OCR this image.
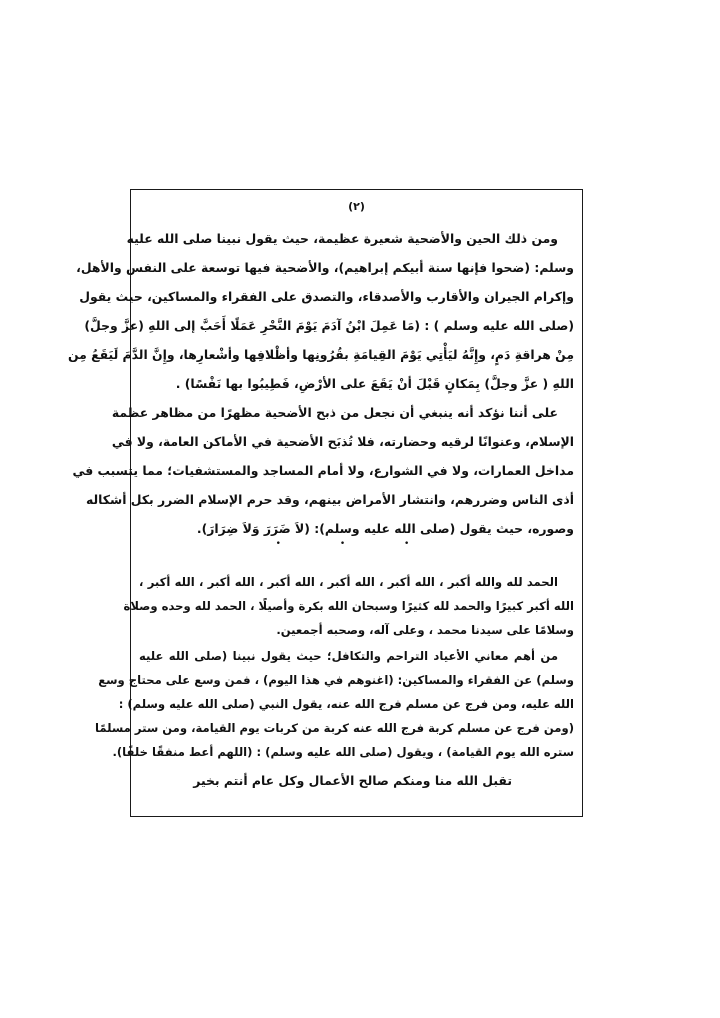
(٢)
ومن ذلك الحين والأضحية شعيرة عظيمة، حيث يقول نبينا صلى الله عليه
وسلم: (ضحوا فإنها سنة أبيكم إبراهيم)، والأضحية فيها توسعة على النفس والأهل،
وإكرام الجيران والأقارب والأصدقاء، والتصدق على الفقراء والمساكين، حيث يقول
(صلى الله عليه وسلم ) : (مَا عَمِلَ ابْنُ آدَمَ يَوْمَ النَّحْرِ عَمَلًا أَحَبَّ إلى اللهِ (عزَّ وجلَّ)
مِنْ هراقةِ دَمٍ، وإِنَّهُ ليَأْتِي يَوْمَ القِيامَةِ بقُرُونِها وأظْلافِها وأشْعارِها، وإِنَّ الدَّمَ لَيَقَعُ مِن
اللهِ ( عزَّ وجلَّ) بِمَكانٍ قَبْلَ أنْ يَقَعَ على الأرْضِ، فَطِيبُوا بها نَفْسًا) .
على أننا نؤكد أنه ينبغي أن نجعل من ذبح الأضحية مظهرًا من مظاهر عظمة
الإسلام، وعنوانًا لرقيه وحضارته، فلا تُذبَح الأضحية في الأماكن العامة، ولا في
مداخل العمارات، ولا في الشوارع، ولا أمام المساجد والمستشفيات؛ مما يتسبب في
أذى الناس وضررهم، وانتشار الأمراض بينهم، وقد حرم الإسلام الضرر بكل أشكاله
وصوره، حيث يقول (صلى الله عليه وسلم): (لاَ ضَرَرَ وَلاَ ضِرَارَ).
• • •
الحمد لله والله أكبر ، الله أكبر ، الله أكبر ، الله أكبر ، الله أكبر ، الله أكبر ،
الله أكبر كبيرًا والحمد لله كثيرًا وسبحان الله بكرة وأصيلًا ، الحمد لله وحده وصلاة
وسلامًا على سيدنا محمد ، وعلى آله، وصحبه أجمعين.
من أهم معاني الأعياد التراحم والتكافل؛ حيث يقول نبينا (صلى الله عليه
وسلم) عن الفقراء والمساكين: (اغنوهم في هذا اليوم) ، فمن وسع على محتاج وسع
الله عليه، ومن فرج عن مسلم فرج الله عنه، يقول النبي (صلى الله عليه وسلم) :
(ومن فرج عن مسلم كربة فرج الله عنه كربة من كربات يوم القيامة، ومن ستر مسلمًا
ستره الله يوم القيامة) ، ويقول (صلى الله عليه وسلم) : (اللهم أعط منفقًا خلفًا).
تقبل الله منا ومنكم صالح الأعمال وكل عام أنتم بخير
